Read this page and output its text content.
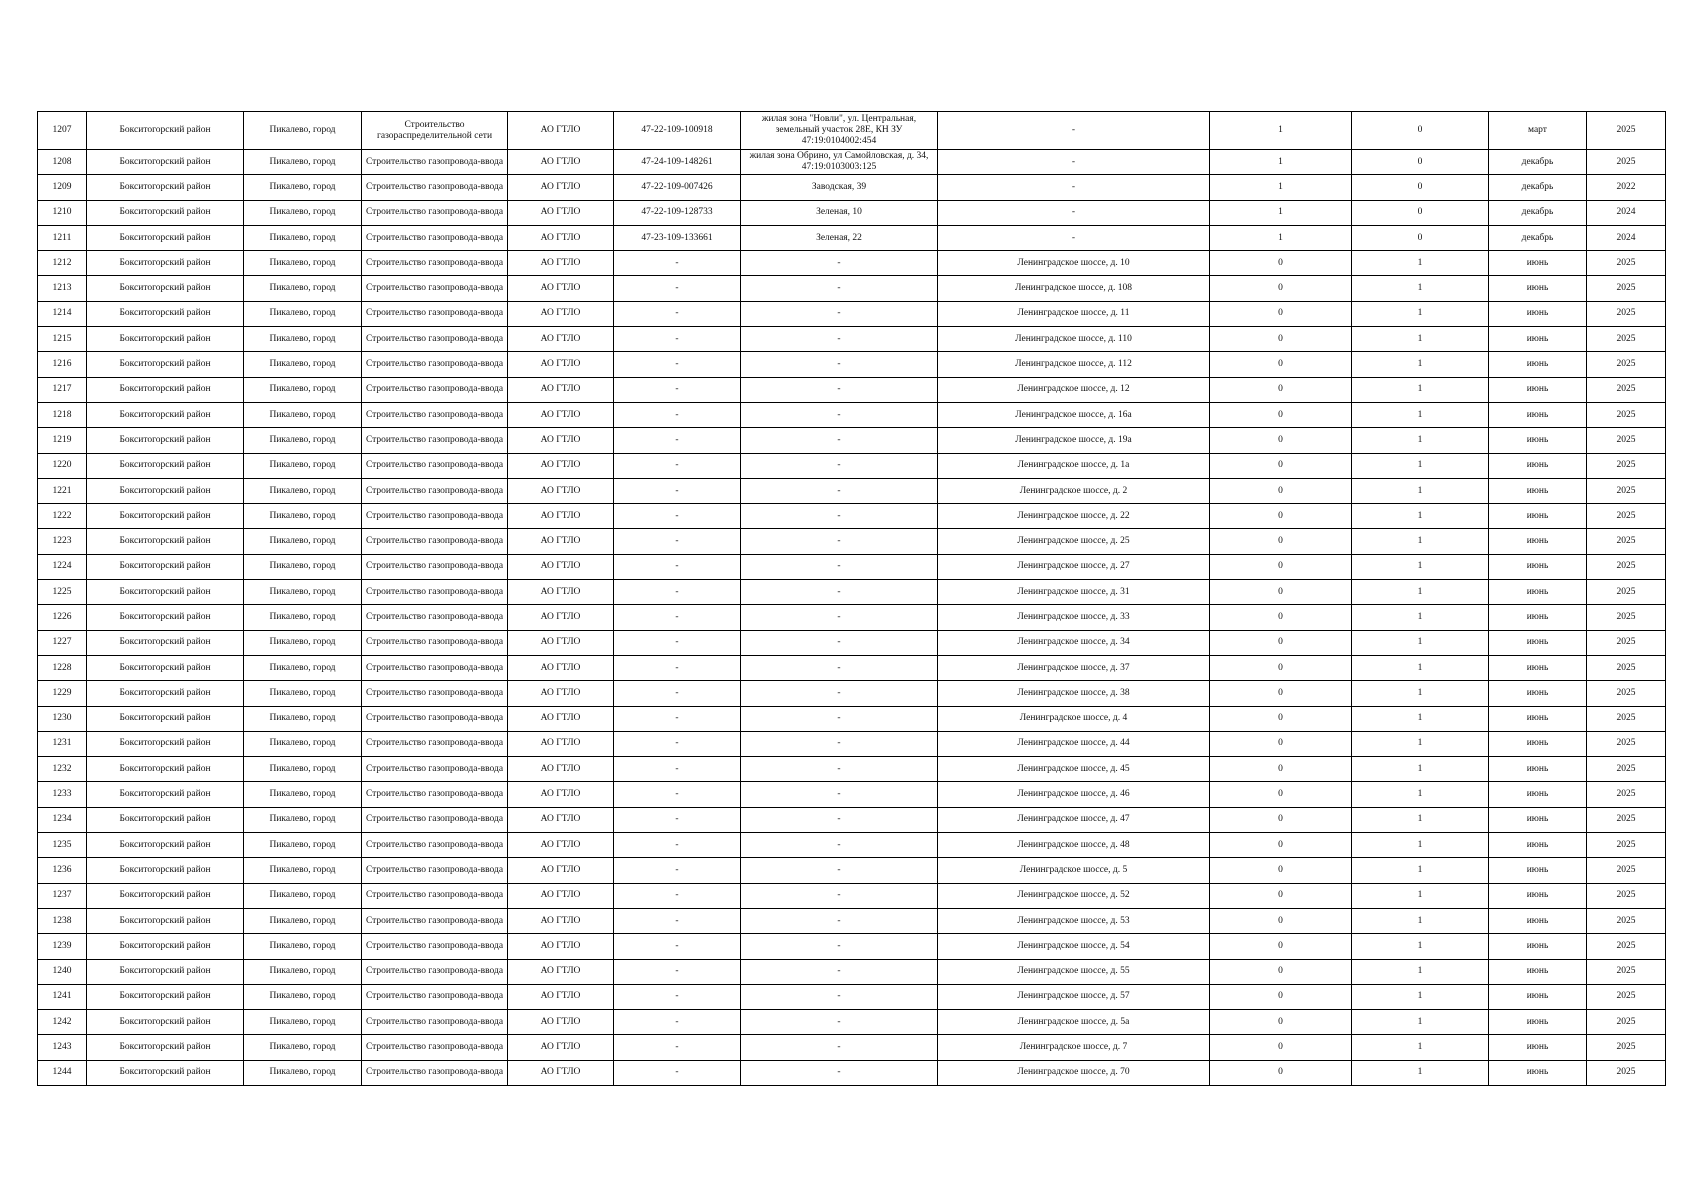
1207	Бокситогорский район	Пикалево, город	Строительство газораспределительной сети	АО ГТЛО	47-22-109-100918	жилая зона "Новли", ул. Центральная, земельный участок 28Е, КН ЗУ 47:19:0104002:454	-	1	0	март	2025
1208	Бокситогорский район	Пикалево, город	Строительство газопровода-ввода	АО ГТЛО	47-24-109-148261	жилая зона Обрино, ул Самойловская, д. 34, 47:19:0103003:125	-	1	0	декабрь	2025
1209	Бокситогорский район	Пикалево, город	Строительство газопровода-ввода	АО ГТЛО	47-22-109-007426	Заводская, 39	-	1	0	декабрь	2022
1210	Бокситогорский район	Пикалево, город	Строительство газопровода-ввода	АО ГТЛО	47-22-109-128733	Зеленая, 10	-	1	0	декабрь	2024
1211	Бокситогорский район	Пикалево, город	Строительство газопровода-ввода	АО ГТЛО	47-23-109-133661	Зеленая, 22	-	1	0	декабрь	2024
1212	Бокситогорский район	Пикалево, город	Строительство газопровода-ввода	АО ГТЛО	-	-	Ленинградское шоссе, д. 10	0	1	июнь	2025
1213	Бокситогорский район	Пикалево, город	Строительство газопровода-ввода	АО ГТЛО	-	-	Ленинградское шоссе, д. 108	0	1	июнь	2025
1214	Бокситогорский район	Пикалево, город	Строительство газопровода-ввода	АО ГТЛО	-	-	Ленинградское шоссе, д. 11	0	1	июнь	2025
1215	Бокситогорский район	Пикалево, город	Строительство газопровода-ввода	АО ГТЛО	-	-	Ленинградское шоссе, д. 110	0	1	июнь	2025
1216	Бокситогорский район	Пикалево, город	Строительство газопровода-ввода	АО ГТЛО	-	-	Ленинградское шоссе, д. 112	0	1	июнь	2025
1217	Бокситогорский район	Пикалево, город	Строительство газопровода-ввода	АО ГТЛО	-	-	Ленинградское шоссе, д. 12	0	1	июнь	2025
1218	Бокситогорский район	Пикалево, город	Строительство газопровода-ввода	АО ГТЛО	-	-	Ленинградское шоссе, д. 16а	0	1	июнь	2025
1219	Бокситогорский район	Пикалево, город	Строительство газопровода-ввода	АО ГТЛО	-	-	Ленинградское шоссе, д. 19а	0	1	июнь	2025
1220	Бокситогорский район	Пикалево, город	Строительство газопровода-ввода	АО ГТЛО	-	-	Ленинградское шоссе, д. 1а	0	1	июнь	2025
1221	Бокситогорский район	Пикалево, город	Строительство газопровода-ввода	АО ГТЛО	-	-	Ленинградское шоссе, д. 2	0	1	июнь	2025
1222	Бокситогорский район	Пикалево, город	Строительство газопровода-ввода	АО ГТЛО	-	-	Ленинградское шоссе, д. 22	0	1	июнь	2025
1223	Бокситогорский район	Пикалево, город	Строительство газопровода-ввода	АО ГТЛО	-	-	Ленинградское шоссе, д. 25	0	1	июнь	2025
1224	Бокситогорский район	Пикалево, город	Строительство газопровода-ввода	АО ГТЛО	-	-	Ленинградское шоссе, д. 27	0	1	июнь	2025
1225	Бокситогорский район	Пикалево, город	Строительство газопровода-ввода	АО ГТЛО	-	-	Ленинградское шоссе, д. 31	0	1	июнь	2025
1226	Бокситогорский район	Пикалево, город	Строительство газопровода-ввода	АО ГТЛО	-	-	Ленинградское шоссе, д. 33	0	1	июнь	2025
1227	Бокситогорский район	Пикалево, город	Строительство газопровода-ввода	АО ГТЛО	-	-	Ленинградское шоссе, д. 34	0	1	июнь	2025
1228	Бокситогорский район	Пикалево, город	Строительство газопровода-ввода	АО ГТЛО	-	-	Ленинградское шоссе, д. 37	0	1	июнь	2025
1229	Бокситогорский район	Пикалево, город	Строительство газопровода-ввода	АО ГТЛО	-	-	Ленинградское шоссе, д. 38	0	1	июнь	2025
1230	Бокситогорский район	Пикалево, город	Строительство газопровода-ввода	АО ГТЛО	-	-	Ленинградское шоссе, д. 4	0	1	июнь	2025
1231	Бокситогорский район	Пикалево, город	Строительство газопровода-ввода	АО ГТЛО	-	-	Ленинградское шоссе, д. 44	0	1	июнь	2025
1232	Бокситогорский район	Пикалево, город	Строительство газопровода-ввода	АО ГТЛО	-	-	Ленинградское шоссе, д. 45	0	1	июнь	2025
1233	Бокситогорский район	Пикалево, город	Строительство газопровода-ввода	АО ГТЛО	-	-	Ленинградское шоссе, д. 46	0	1	июнь	2025
1234	Бокситогорский район	Пикалево, город	Строительство газопровода-ввода	АО ГТЛО	-	-	Ленинградское шоссе, д. 47	0	1	июнь	2025
1235	Бокситогорский район	Пикалево, город	Строительство газопровода-ввода	АО ГТЛО	-	-	Ленинградское шоссе, д. 48	0	1	июнь	2025
1236	Бокситогорский район	Пикалево, город	Строительство газопровода-ввода	АО ГТЛО	-	-	Ленинградское шоссе, д. 5	0	1	июнь	2025
1237	Бокситогорский район	Пикалево, город	Строительство газопровода-ввода	АО ГТЛО	-	-	Ленинградское шоссе, д. 52	0	1	июнь	2025
1238	Бокситогорский район	Пикалево, город	Строительство газопровода-ввода	АО ГТЛО	-	-	Ленинградское шоссе, д. 53	0	1	июнь	2025
1239	Бокситогорский район	Пикалево, город	Строительство газопровода-ввода	АО ГТЛО	-	-	Ленинградское шоссе, д. 54	0	1	июнь	2025
1240	Бокситогорский район	Пикалево, город	Строительство газопровода-ввода	АО ГТЛО	-	-	Ленинградское шоссе, д. 55	0	1	июнь	2025
1241	Бокситогорский район	Пикалево, город	Строительство газопровода-ввода	АО ГТЛО	-	-	Ленинградское шоссе, д. 57	0	1	июнь	2025
1242	Бокситогорский район	Пикалево, город	Строительство газопровода-ввода	АО ГТЛО	-	-	Ленинградское шоссе, д. 5а	0	1	июнь	2025
1243	Бокситогорский район	Пикалево, город	Строительство газопровода-ввода	АО ГТЛО	-	-	Ленинградское шоссе, д. 7	0	1	июнь	2025
1244	Бокситогорский район	Пикалево, город	Строительство газопровода-ввода	АО ГТЛО	-	-	Ленинградское шоссе, д. 70	0	1	июнь	2025
